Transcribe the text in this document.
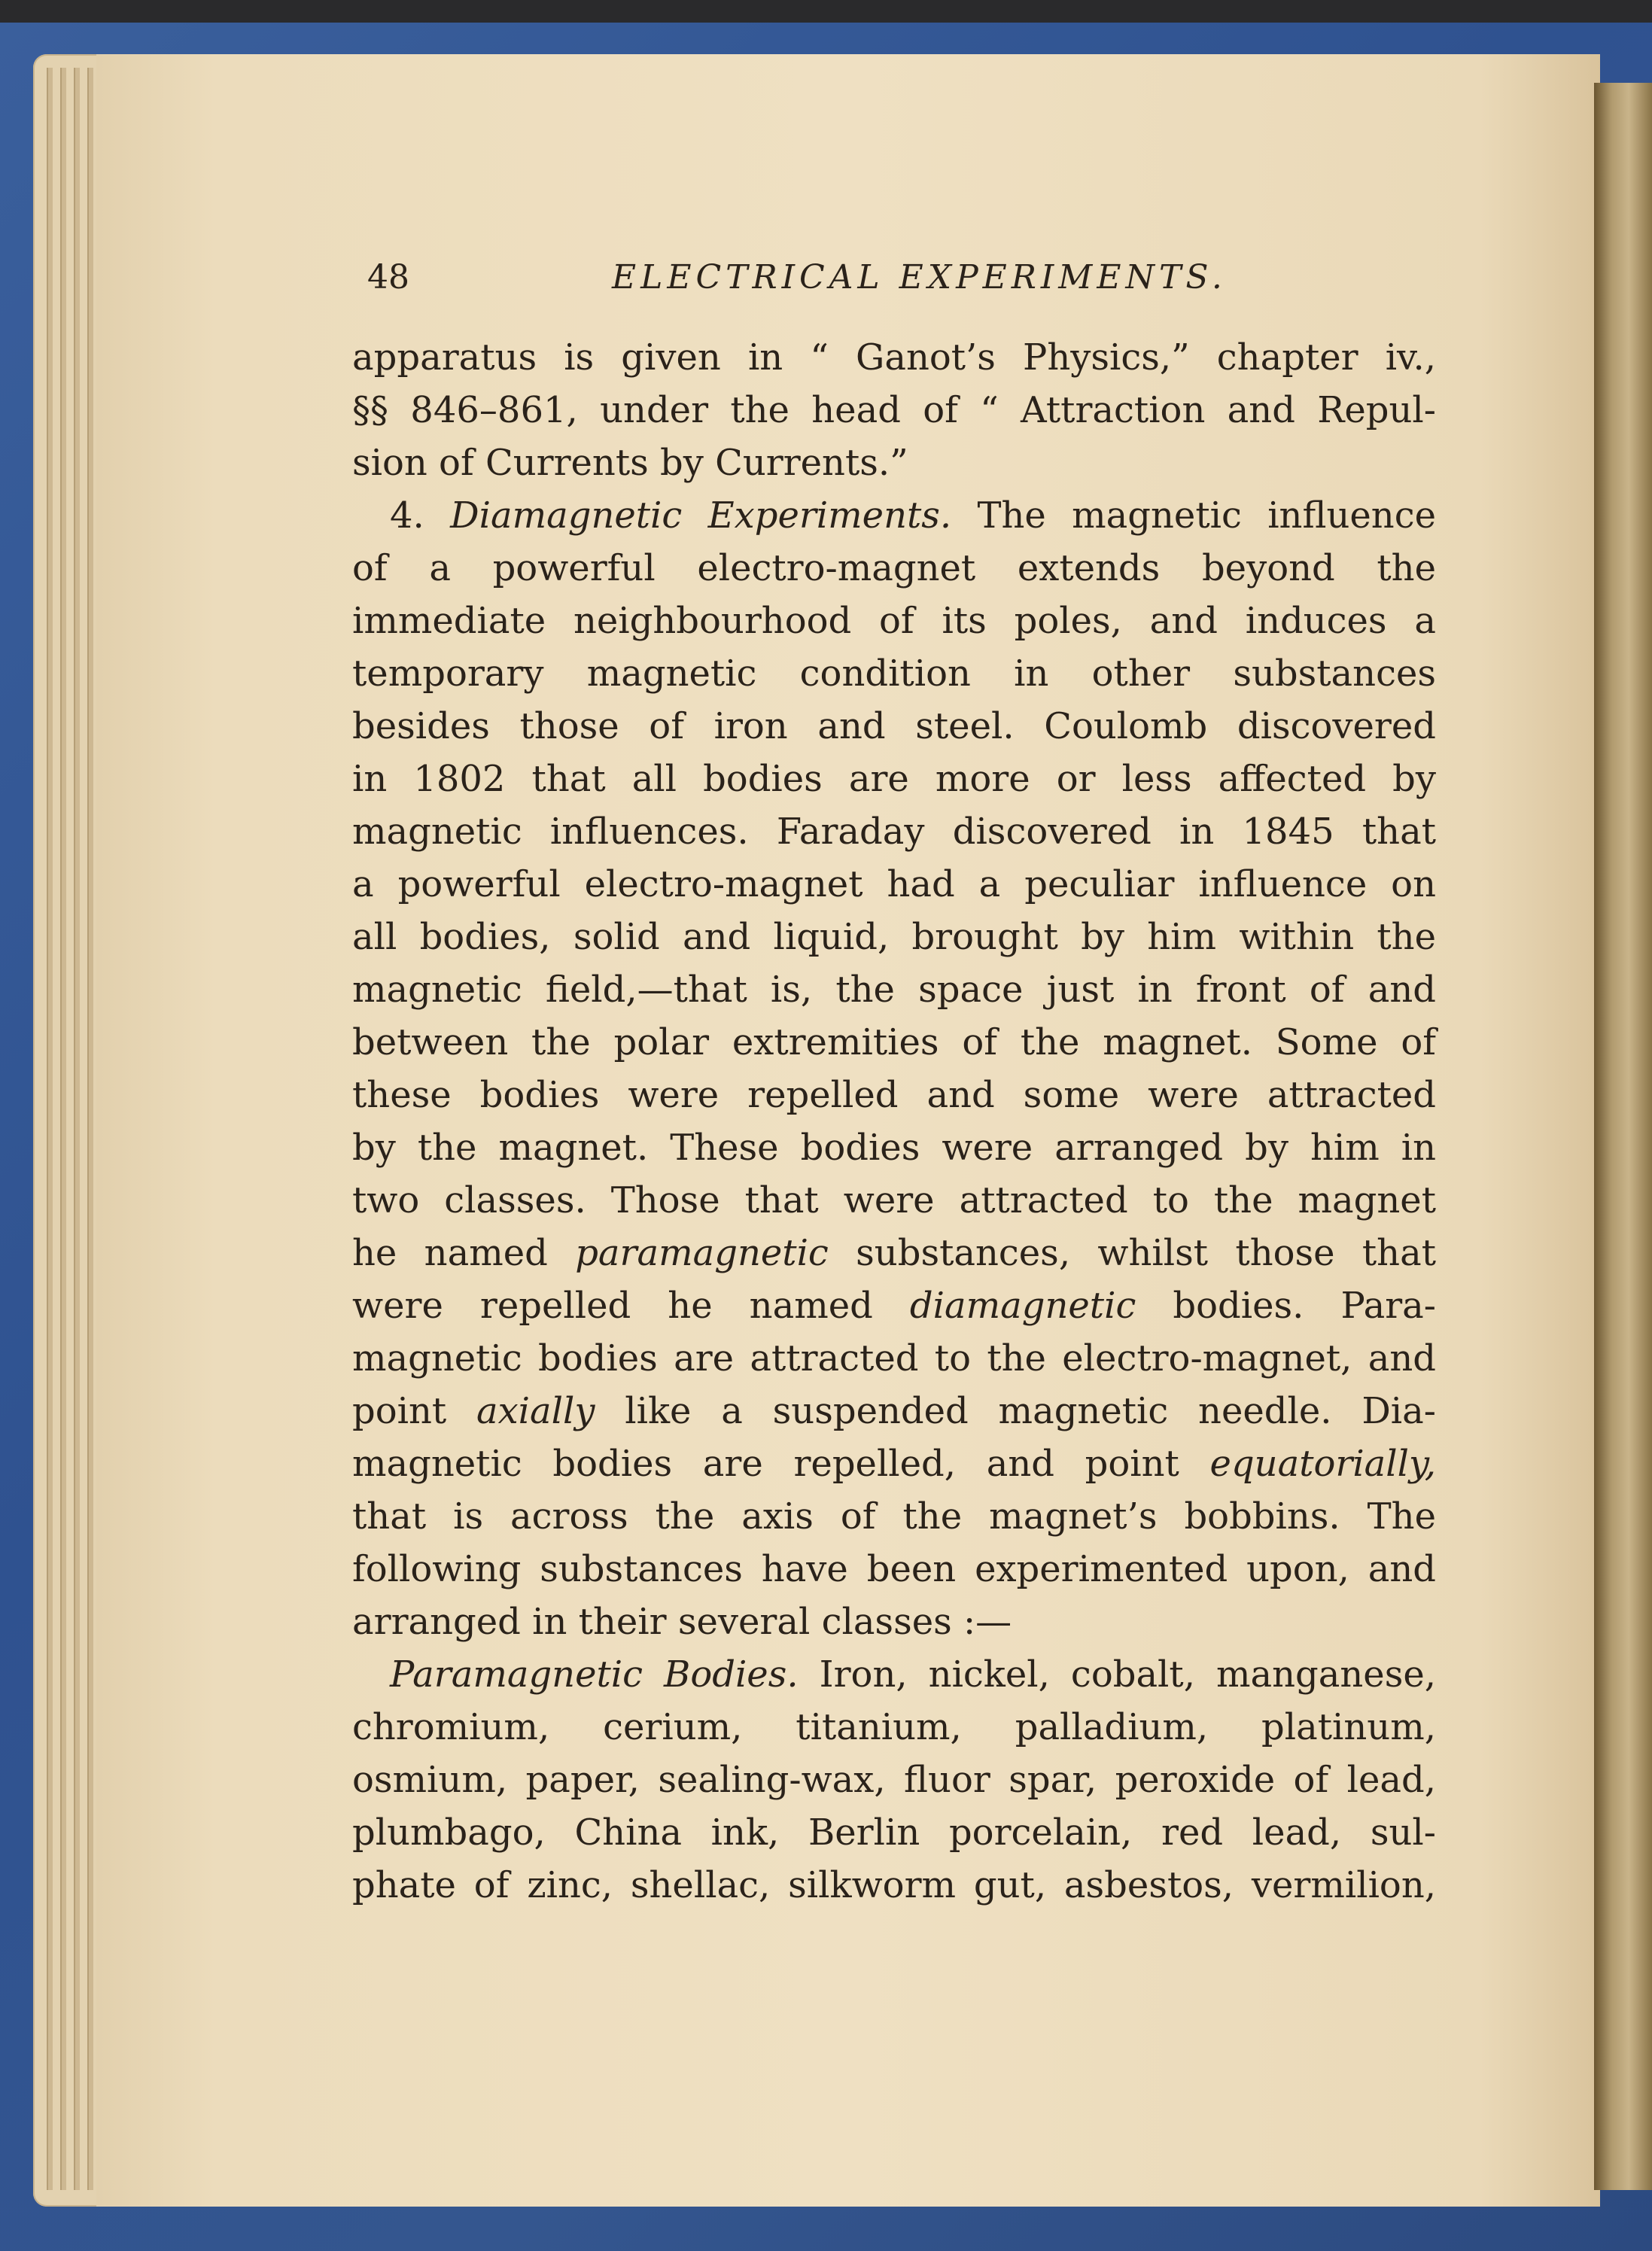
48	ELECTRICAL EXPERIMENTS.
apparatus is given in “ Ganot’s Physics,” chapter iv.,
§§ 846–861, under the head of “ Attraction and Repul-
sion of Currents by Currents.”
4. Diamagnetic Experiments. The magnetic influence
of a powerful electro-magnet extends beyond the
immediate neighbourhood of its poles, and induces a
temporary magnetic condition in other substances
besides those of iron and steel. Coulomb discovered
in 1802 that all bodies are more or less affected by
magnetic influences. Faraday discovered in 1845 that
a powerful electro-magnet had a peculiar influence on
all bodies, solid and liquid, brought by him within the
magnetic field,—that is, the space just in front of and
between the polar extremities of the magnet. Some of
these bodies were repelled and some were attracted
by the magnet. These bodies were arranged by him in
two classes. Those that were attracted to the magnet
he named paramagnetic substances, whilst those that
were repelled he named diamagnetic bodies. Para-
magnetic bodies are attracted to the electro-magnet, and
point axially like a suspended magnetic needle. Dia-
magnetic bodies are repelled, and point equatorially,
that is across the axis of the magnet’s bobbins. The
following substances have been experimented upon, and
arranged in their several classes :—
Paramagnetic Bodies. Iron, nickel, cobalt, manganese,
chromium, cerium, titanium, palladium, platinum,
osmium, paper, sealing-wax, fluor spar, peroxide of lead,
plumbago, China ink, Berlin porcelain, red lead, sul-
phate of zinc, shellac, silkworm gut, asbestos, vermilion,
